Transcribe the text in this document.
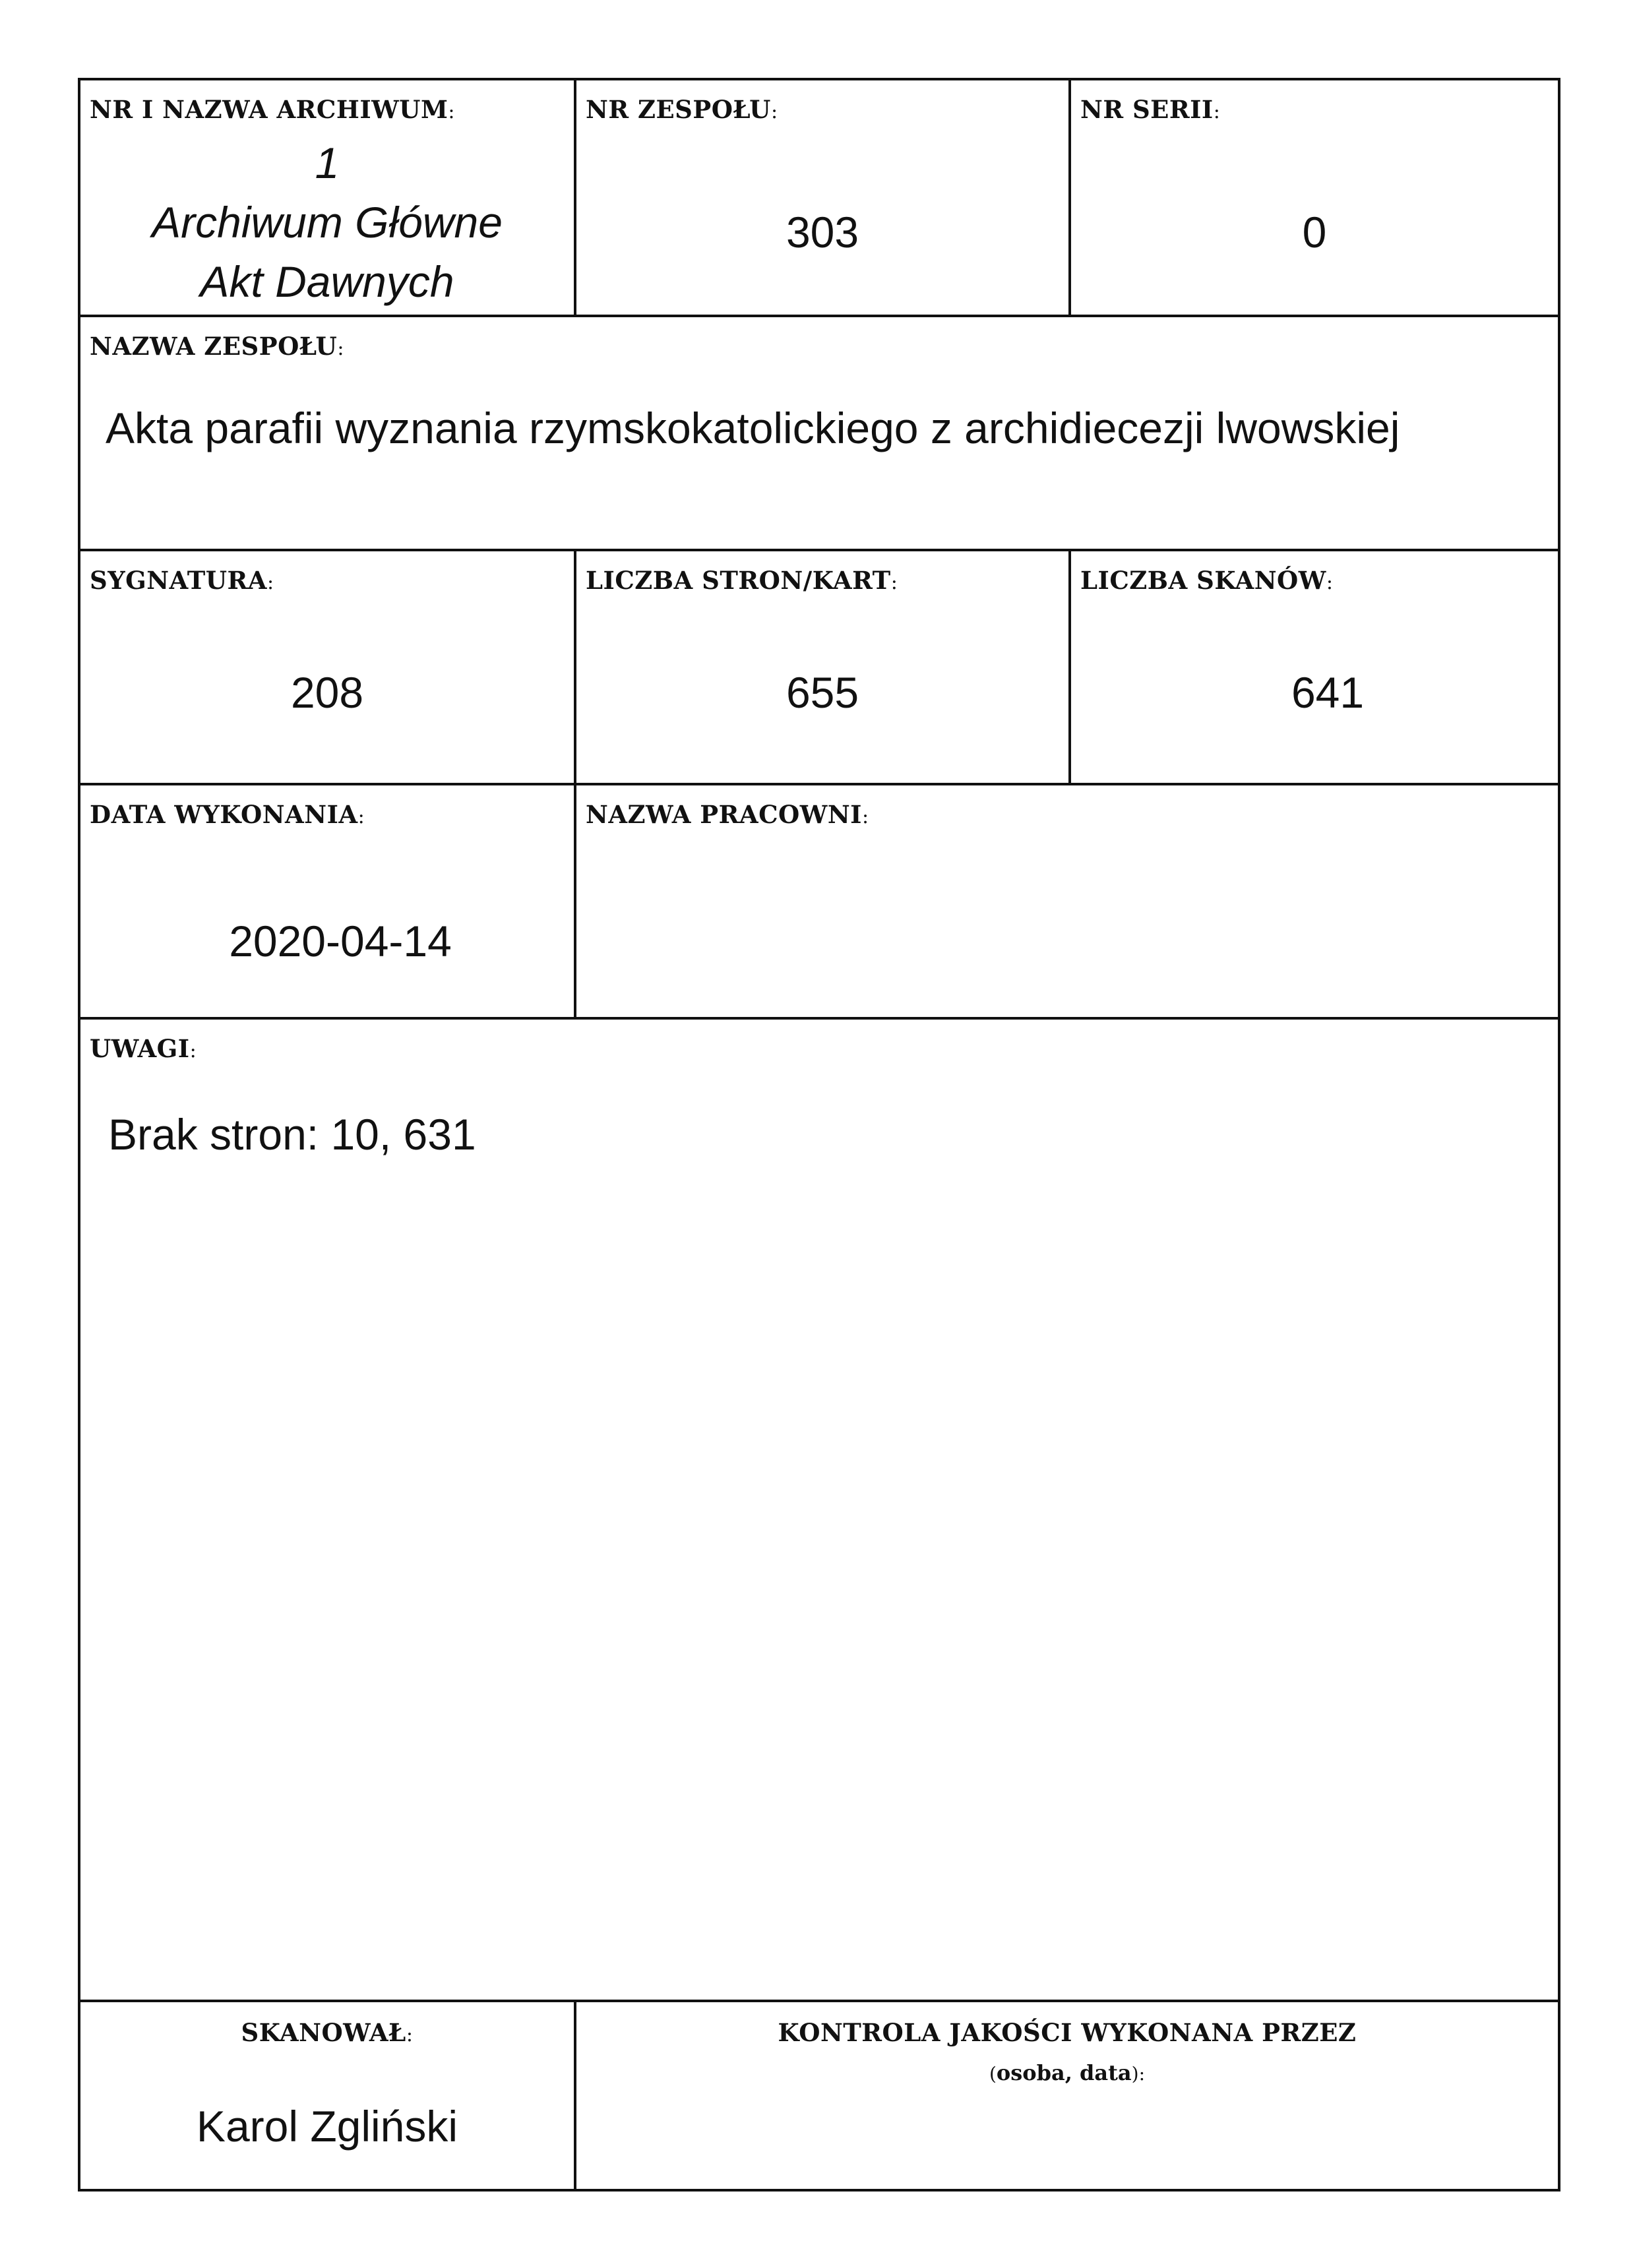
NR I NAZWA ARCHIWUM:
1
Archiwum Główne
Akt Dawnych
NR ZESPOŁU:
303
NR SERII:
0
NAZWA ZESPOŁU:
Akta parafii wyznania rzymskokatolickiego z archidiecezji lwowskiej
SYGNATURA:
208
LICZBA STRON/KART:
655
LICZBA SKANÓW:
641
DATA WYKONANIA:
2020-04-14
NAZWA PRACOWNI:
UWAGI:
Brak stron: 10, 631
SKANOWAŁ:
Karol Zgliński
KONTROLA JAKOŚCI WYKONANA PRZEZ
(osoba, data):
